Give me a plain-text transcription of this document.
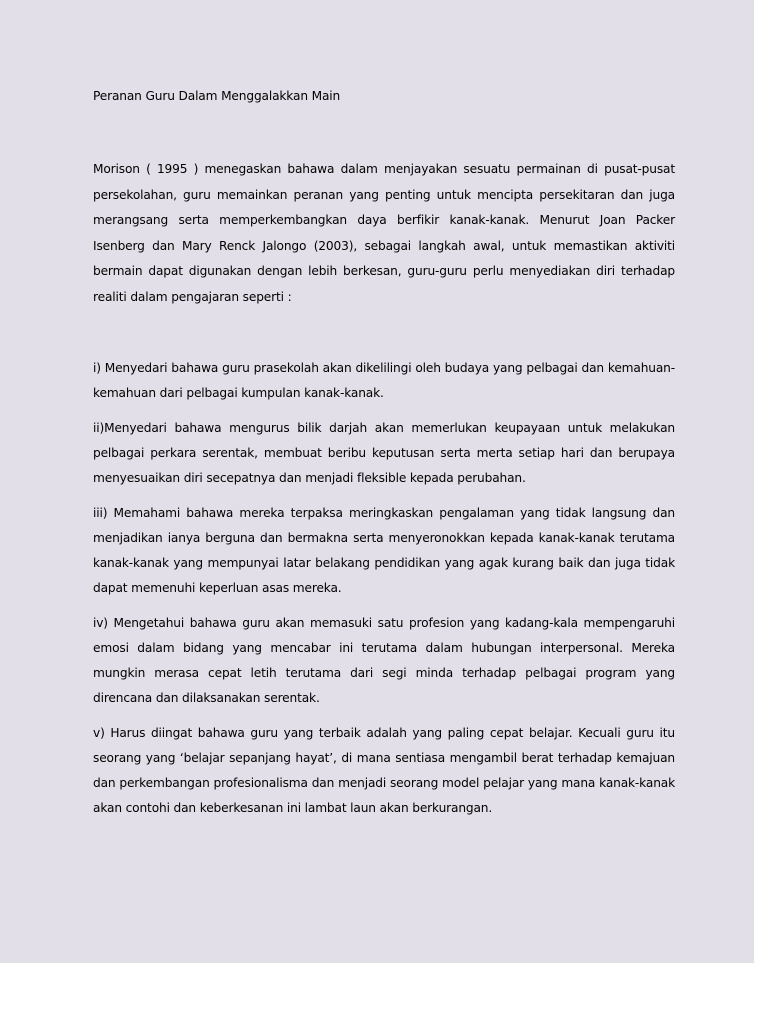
Peranan Guru Dalam Menggalakkan Main

Morison ( 1995 ) menegaskan bahawa dalam menjayakan sesuatu permainan di pusat-pusat persekolahan, guru memainkan peranan yang penting untuk mencipta persekitaran dan juga merangsang serta memperkembangkan daya berfikir kanak-kanak. Menurut Joan Packer Isenberg dan Mary Renck Jalongo (2003), sebagai langkah awal, untuk memastikan aktiviti bermain dapat digunakan dengan lebih berkesan, guru-guru perlu menyediakan diri terhadap realiti dalam pengajaran seperti :

i) Menyedari bahawa guru prasekolah akan dikelilingi oleh budaya yang pelbagai dan kemahuan-kemahuan dari pelbagai kumpulan kanak-kanak.
ii)Menyedari bahawa mengurus bilik darjah akan memerlukan keupayaan untuk melakukan pelbagai perkara serentak, membuat beribu keputusan serta merta setiap hari dan berupaya menyesuaikan diri secepatnya dan menjadi fleksible kepada perubahan.
iii) Memahami bahawa mereka terpaksa meringkaskan pengalaman yang tidak langsung dan menjadikan ianya berguna dan bermakna serta menyeronokkan kepada kanak-kanak terutama kanak-kanak yang mempunyai latar belakang pendidikan yang agak kurang baik dan juga tidak dapat memenuhi keperluan asas mereka.
iv) Mengetahui bahawa guru akan memasuki satu profesion yang kadang-kala mempengaruhi emosi dalam bidang yang mencabar ini terutama dalam hubungan interpersonal. Mereka mungkin merasa cepat letih terutama dari segi minda terhadap pelbagai program yang direncana dan dilaksanakan serentak.
v) Harus diingat bahawa guru yang terbaik adalah yang paling cepat belajar. Kecuali guru itu seorang yang ‘belajar sepanjang hayat’, di mana sentiasa mengambil berat terhadap kemajuan dan perkembangan profesionalisma dan menjadi seorang model pelajar yang mana kanak-kanak akan contohi dan keberkesanan ini lambat laun akan berkurangan.
